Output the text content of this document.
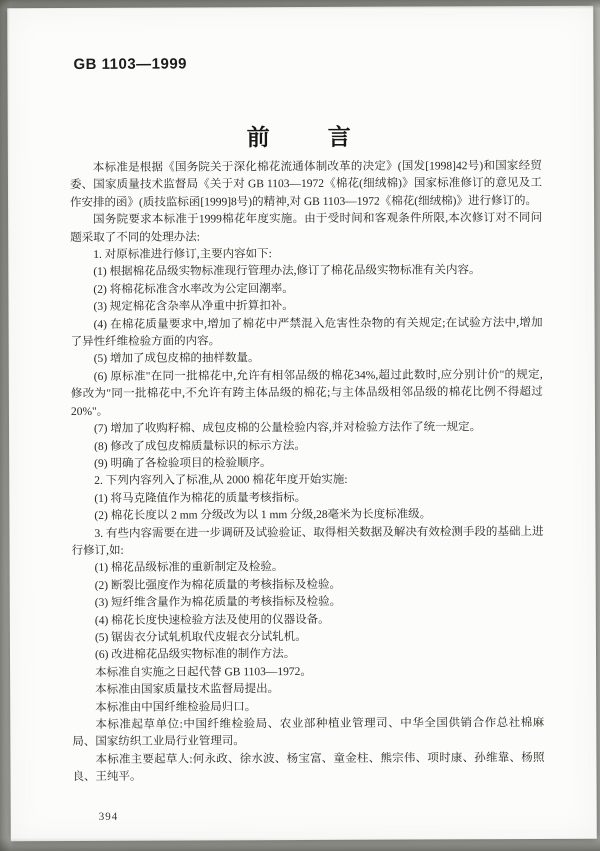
GB 1103—1999
前　　言

本标准是根据《国务院关于深化棉花流通体制改革的决定》(国发[1998]42号)和国家经贸委、国家质量技术监督局《关于对 GB 1103—1972《棉花(细绒棉)》国家标准修订的意见及工作安排的函》(质技监标函[1999]8号)的精神,对 GB 1103—1972《棉花(细绒棉)》进行修订的。

国务院要求本标准于1999棉花年度实施。由于受时间和客观条件所限,本次修订对不同问题采取了不同的处理办法:

1. 对原标准进行修订,主要内容如下:

(1) 根据棉花品级实物标准现行管理办法,修订了棉花品级实物标准有关内容。

(2) 将棉花标准含水率改为公定回潮率。

(3) 规定棉花含杂率从净重中折算扣补。

(4) 在棉花质量要求中,增加了棉花中严禁混入危害性杂物的有关规定;在试验方法中,增加了异性纤维检验方面的内容。

(5) 增加了成包皮棉的抽样数量。

(6) 原标准"在同一批棉花中,允许有相邻品级的棉花34%,超过此数时,应分别计价"的规定,修改为"同一批棉花中,不允许有跨主体品级的棉花;与主体品级相邻品级的棉花比例不得超过20%"。

(7) 增加了收购籽棉、成包皮棉的公量检验内容,并对检验方法作了统一规定。

(8) 修改了成包皮棉质量标识的标示方法。

(9) 明确了各检验项目的检验顺序。

2. 下列内容列入了标准,从 2000 棉花年度开始实施:

(1) 将马克隆值作为棉花的质量考核指标。

(2) 棉花长度以 2 mm 分级改为以 1 mm 分级,28毫米为长度标准级。

3. 有些内容需要在进一步调研及试验验证、取得相关数据及解决有效检测手段的基础上进行修订,如:

(1) 棉花品级标准的重新制定及检验。

(2) 断裂比强度作为棉花质量的考核指标及检验。

(3) 短纤维含量作为棉花质量的考核指标及检验。

(4) 棉花长度快速检验方法及使用的仪器设备。

(5) 锯齿衣分试轧机取代皮辊衣分试轧机。

(6) 改进棉花品级实物标准的制作方法。

本标准自实施之日起代替 GB 1103—1972。

本标准由国家质量技术监督局提出。

本标准由中国纤维检验局归口。

本标准起草单位:中国纤维检验局、农业部种植业管理司、中华全国供销合作总社棉麻局、国家纺织工业局行业管理司。

本标准主要起草人:何永政、徐水波、杨宝富、童金柱、熊宗伟、项时康、孙维靠、杨照良、王纯平。

394
